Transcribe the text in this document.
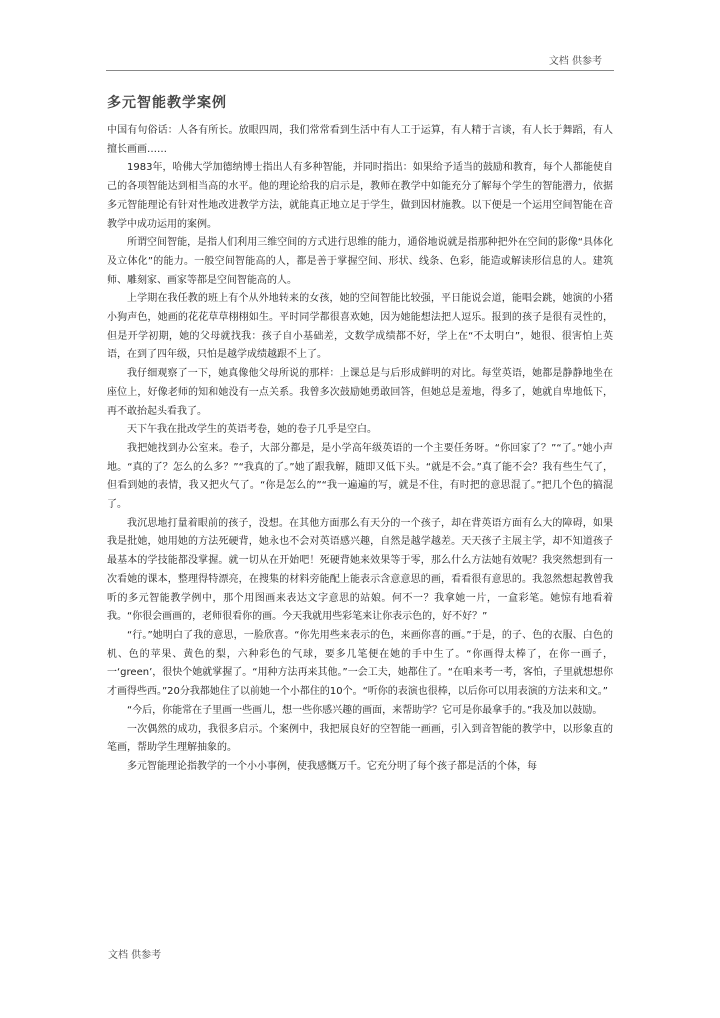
文档 供参考
多元智能教学案例

中国有句俗话：人各有所长。放眼四周，我们常常看到生活中有人工于运算，有人精于言谈，有人长于舞蹈，有人擅长画画……

1983年，哈佛大学加德纳博士指出人有多种智能，并同时指出：如果给予适当的鼓励和教育，每个人都能使自己的各项智能达到相当高的水平。他的理论给我的启示是，教师在教学中如能充分了解每个学生的智能潜力，依据多元智能理论有针对性地改进教学方法，就能真正地立足于学生，做到因材施教。以下便是一个运用空间智能在音教学中成功运用的案例。

所谓空间智能，是指人们利用三维空间的方式进行思维的能力，通俗地说就是指那种把外在空间的影像“具体化及立体化”的能力。一般空间智能高的人，都是善于掌握空间、形状、线条、色彩，能造或解读形信息的人。建筑师、雕刻家、画家等都是空间智能高的人。

上学期在我任教的班上有个从外地转来的女孩，她的空间智能比较强，平日能说会道，能唱会跳，她演的小猪小狗声色，她画的花花草草栩栩如生。平时同学都很喜欢她，因为她能想法把人逗乐。报到的孩子是很有灵性的，但是开学初期，她的父母就找我：孩子自小基础差，文数学成绩都不好，学上在“不太明白”，她很、很害怕上英语，在到了四年级，只怕是越学成绩越跟不上了。

我仔细观察了一下，她真像他父母所说的那样：上课总是与后形成鲜明的对比。每堂英语，她都是静静地坐在座位上，好像老师的知和她没有一点关系。我曾多次鼓励她勇敢回答，但她总是羞地，得多了，她就自卑地低下，再不敢抬起头看我了。

天下午我在批改学生的英语考卷，她的卷子几乎是空白。

我把她找到办公室来。卷子，大部分都是，是小学高年级英语的一个主要任务呀。“你回家了？”“了。”她小声地。“真的了？怎么的么多？”“我真的了。”她了跟我解，随即又低下头。“就是不会。”真了能不会？我有些生气了，但看到她的表情，我又把火气了。“你是怎么的”“我一遍遍的写，就是不住，有时把的意思混了。”把几个色的搞混了。

我沉思地打量着眼前的孩子，没想。在其他方面那么有天分的一个孩子，却在背英语方面有么大的障碍，如果我是批她，她用她的方法死硬背，她永也不会对英语感兴趣，自然是越学越差。天天孩子主展主学，却不知道孩子最基本的学技能都没掌握。就一切从在开始吧！死硬背她来效果等于零，那么什么方法她有效呢？我突然想到有一次看她的课本，整理得特漂亮，在搜集的材料旁能配上能表示含意意思的画，看看很有意思的。我忽然想起教曾我听的多元智能教学例中，那个用图画来表达文字意思的站娘。何不一？我拿她一片，一盒彩笔。她惊有地看着我。“你很会画画的，老师很看你的画。今天我就用些彩笔来让你表示色的，好不好？”

“行。”她明白了我的意思，一脸欣喜。“你先用些来表示的色，来画你喜的画。”于是，的子、色的衣服、白色的机、色的苹果、黄色的梨，六种彩色的气球，要多几笔便在她的手中生了。“你画得太棒了，在你一画子，一‘green’，很快个她就掌握了。“用种方法再来其他。”一会工夫，她都住了。“在咱来考一考，客怕，子里就想想你才画得些西。”20分我都她住了以前她一个小都住的10个。“听你的表演也很棒，以后你可以用表演的方法来和文。”

“今后，你能常在子里画一些画儿，想一些你感兴趣的画面，来帮助学？它可是你最拿手的。”我及加以鼓励。

一次偶然的成功，我很多启示。个案例中，我把展良好的空智能一画画，引入到音智能的教学中，以形象直的笔画，帮助学生理解抽象的。

多元智能理论指教学的一个小小事例，使我感慨万千。它充分明了每个孩子都是活的个体，每

文档 供参考
